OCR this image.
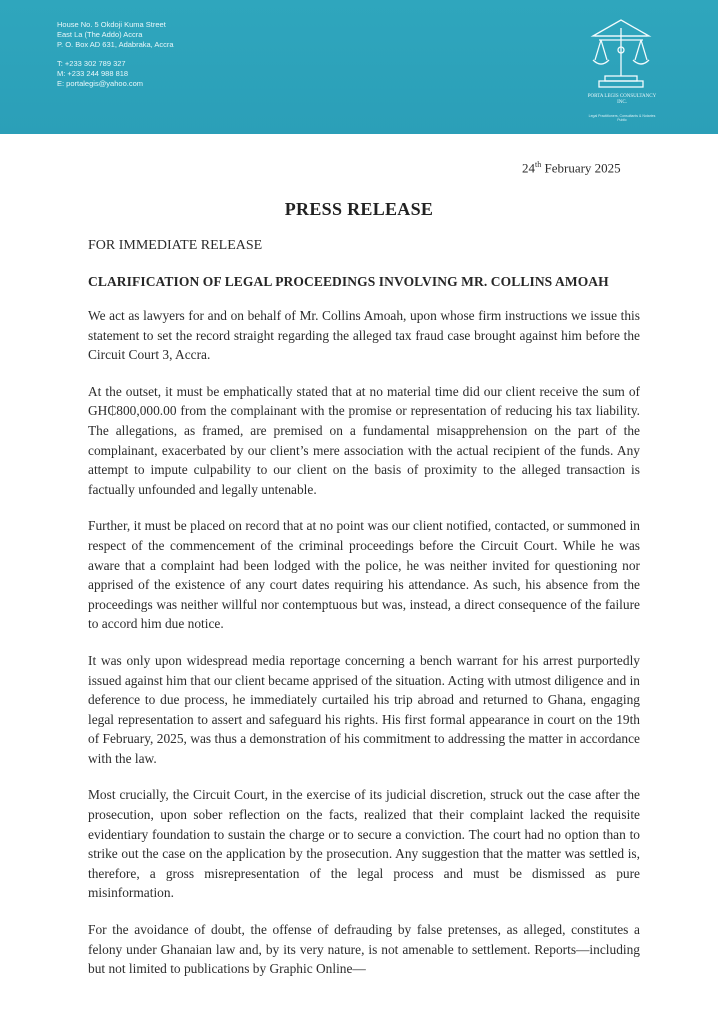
House No. 5 Okdoji Kuma Street
East La (The Addo) Accra
P. O. Box AD 631, Adabraka, Accra
T: +233 302 789 327
M: +233 244 988 818
E: portalegis@yahoo.com
PORTA LEGIS CONSULTANCY INC.
Legal Practitioners, Consultants & Notaries Public
24th February 2025
PRESS RELEASE
FOR IMMEDIATE RELEASE
CLARIFICATION OF LEGAL PROCEEDINGS INVOLVING MR. COLLINS AMOAH

We act as lawyers for and on behalf of Mr. Collins Amoah, upon whose firm instructions we issue this statement to set the record straight regarding the alleged tax fraud case brought against him before the Circuit Court 3, Accra.

At the outset, it must be emphatically stated that at no material time did our client receive the sum of GH₵800,000.00 from the complainant with the promise or representation of reducing his tax liability. The allegations, as framed, are premised on a fundamental misapprehension on the part of the complainant, exacerbated by our client’s mere association with the actual recipient of the funds. Any attempt to impute culpability to our client on the basis of proximity to the alleged transaction is factually unfounded and legally untenable.

Further, it must be placed on record that at no point was our client notified, contacted, or summoned in respect of the commencement of the criminal proceedings before the Circuit Court. While he was aware that a complaint had been lodged with the police, he was neither invited for questioning nor apprised of the existence of any court dates requiring his attendance. As such, his absence from the proceedings was neither willful nor contemptuous but was, instead, a direct consequence of the failure to accord him due notice.

It was only upon widespread media reportage concerning a bench warrant for his arrest purportedly issued against him that our client became apprised of the situation. Acting with utmost diligence and in deference to due process, he immediately curtailed his trip abroad and returned to Ghana, engaging legal representation to assert and safeguard his rights. His first formal appearance in court on the 19th of February, 2025, was thus a demonstration of his commitment to addressing the matter in accordance with the law.

Most crucially, the Circuit Court, in the exercise of its judicial discretion, struck out the case after the prosecution, upon sober reflection on the facts, realized that their complaint lacked the requisite evidentiary foundation to sustain the charge or to secure a conviction. The court had no option than to strike out the case on the application by the prosecution. Any suggestion that the matter was settled is, therefore, a gross misrepresentation of the legal process and must be dismissed as pure misinformation.

For the avoidance of doubt, the offense of defrauding by false pretenses, as alleged, constitutes a felony under Ghanaian law and, by its very nature, is not amenable to settlement. Reports—including but not limited to publications by Graphic Online—
